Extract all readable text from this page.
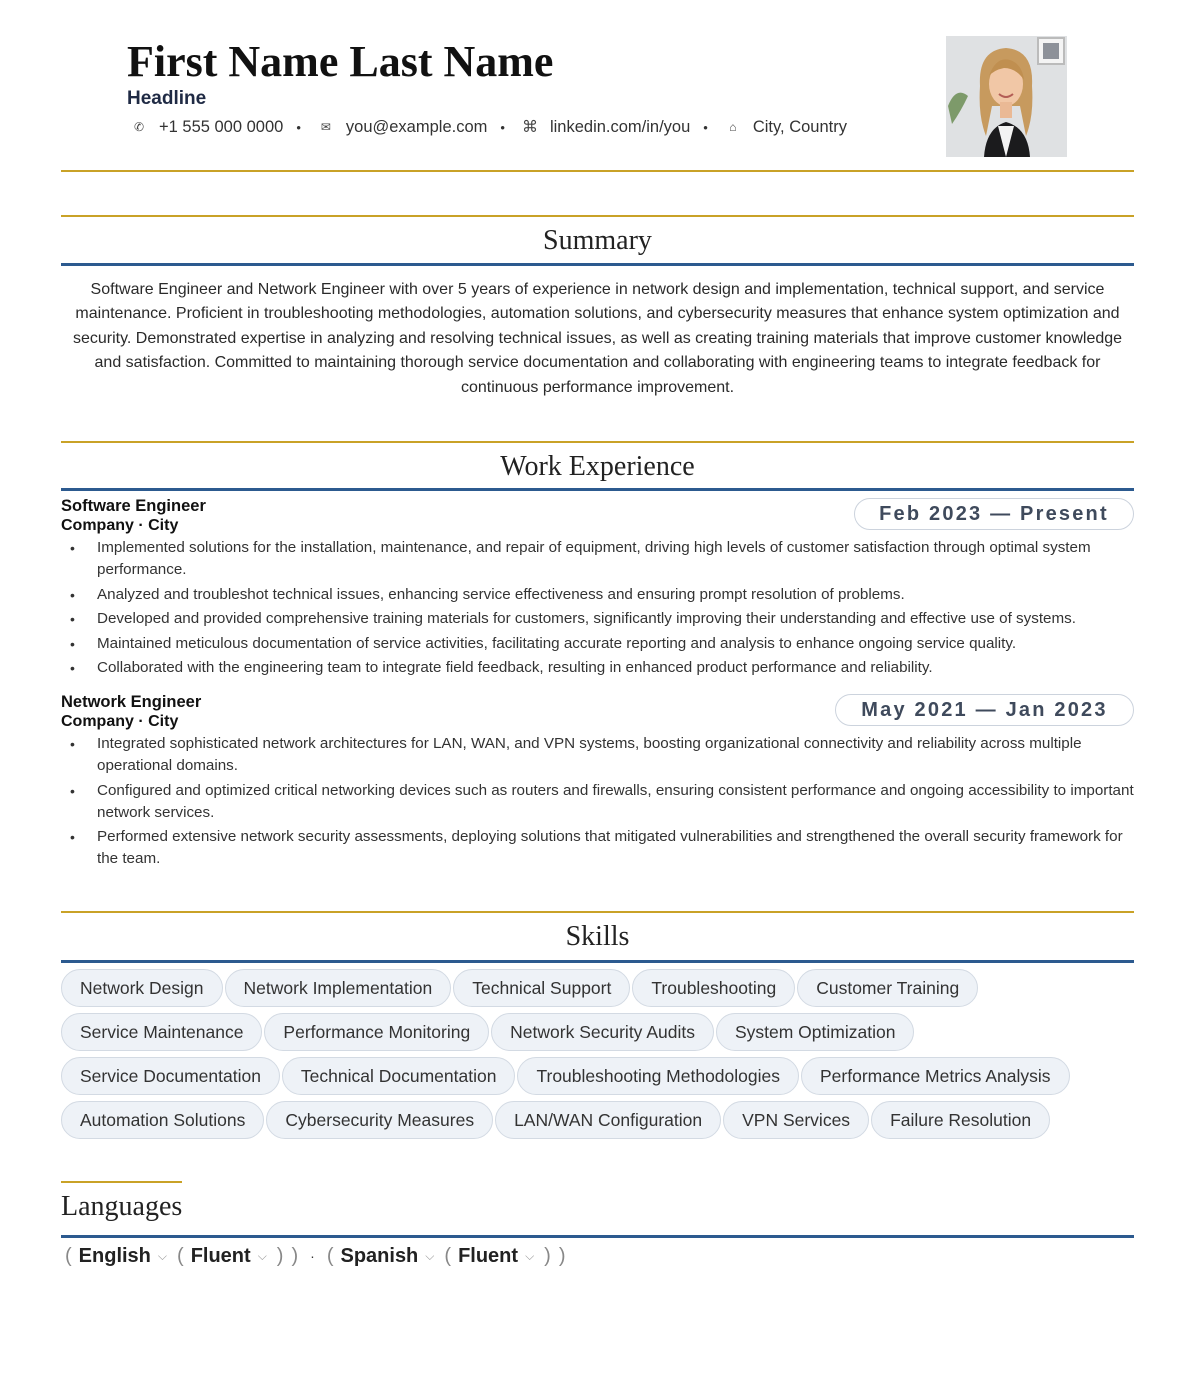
First Name Last Name
Headline
✆ +1 555 000 0000 •	✉ you@example.com • ⌘ linkedin.com/in/you •	⌂ City, Country
Summary

Software Engineer and Network Engineer with over 5 years of experience in network design and implementation, technical support, and service maintenance. Proficient in troubleshooting methodologies, automation solutions, and cybersecurity measures that enhance system optimization and security. Demonstrated expertise in analyzing and resolving technical issues, as well as creating training materials that improve customer knowledge and satisfaction. Committed to maintaining thorough service documentation and collaborating with engineering teams to integrate feedback for continuous performance improvement.

Work Experience
Software Engineer
Company · City
Feb 2023 — Present
• Implemented solutions for the installation, maintenance, and repair of equipment, driving high levels of customer satisfaction through optimal system performance.
• Analyzed and troubleshot technical issues, enhancing service effectiveness and ensuring prompt resolution of problems.
• Developed and provided comprehensive training materials for customers, significantly improving their understanding and effective use of systems.
• Maintained meticulous documentation of service activities, facilitating accurate reporting and analysis to enhance ongoing service quality.
• Collaborated with the engineering team to integrate field feedback, resulting in enhanced product performance and reliability.
Network Engineer
Company · City
May 2021 — Jan 2023
• Integrated sophisticated network architectures for LAN, WAN, and VPN systems, boosting organizational connectivity and reliability across multiple operational domains.
• Configured and optimized critical networking devices such as routers and firewalls, ensuring consistent performance and ongoing accessibility to important network services.
• Performed extensive network security assessments, deploying solutions that mitigated vulnerabilities and strengthened the overall security framework for the team.
Skills
Network Design	Network Implementation	Technical Support	Troubleshooting	Customer Training
Service Maintenance	Performance Monitoring	Network Security Audits	System Optimization
Service Documentation	Technical Documentation	Troubleshooting Methodologies	Performance Metrics Analysis
Automation Solutions	Cybersecurity Measures	LAN/WAN Configuration	VPN Services	Failure Resolution
Languages
( English ⌵ ( Fluent ⌵ ) ) · ( Spanish ⌵ ( Fluent ⌵ ) )
